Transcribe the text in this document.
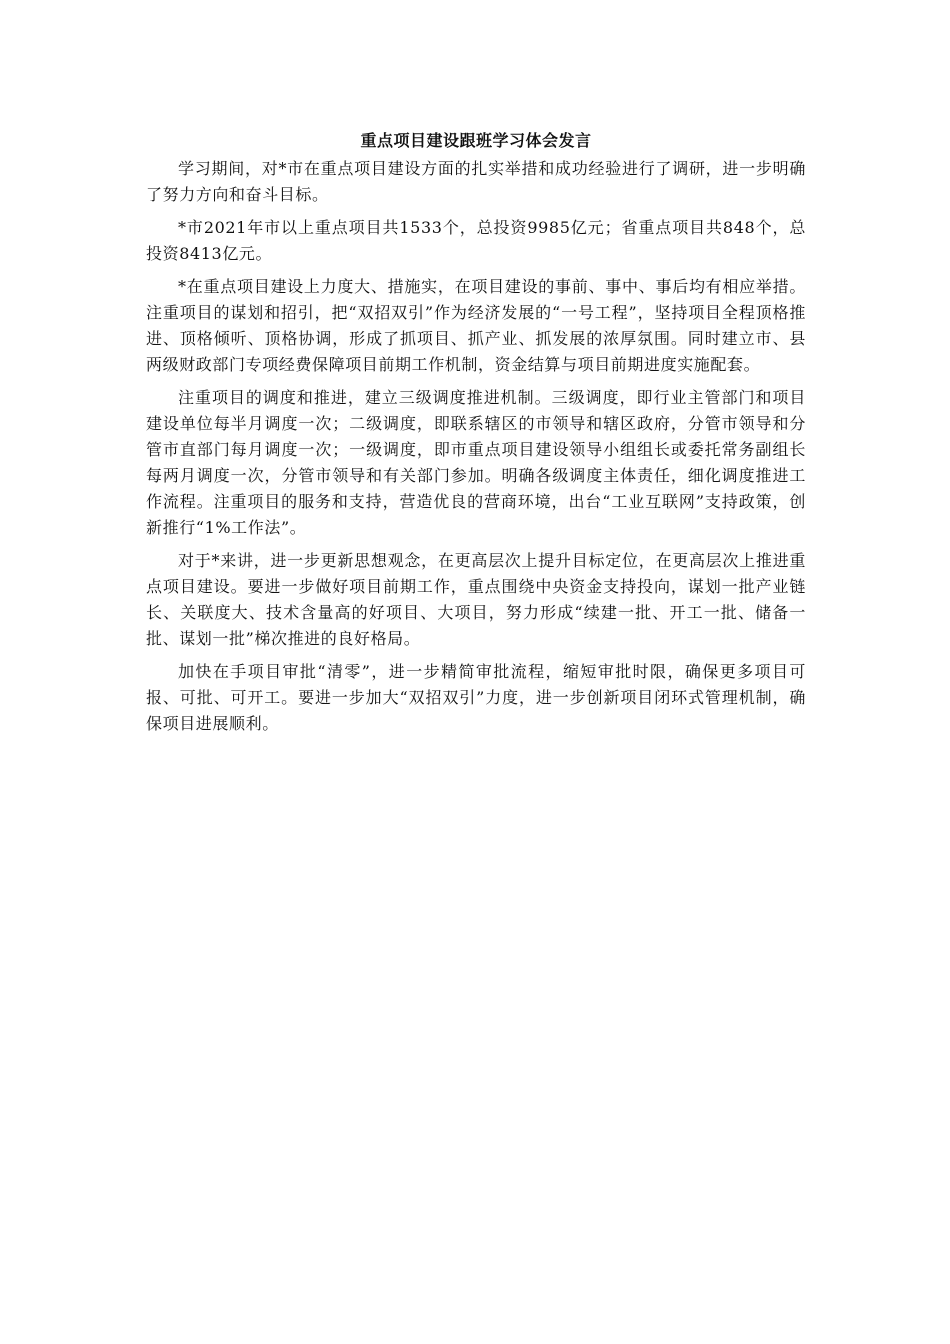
重点项目建设跟班学习体会发言

学习期间，对*市在重点项目建设方面的扎实举措和成功经验进行了调研，进一步明确了努力方向和奋斗目标。

*市2021年市以上重点项目共1533个，总投资9985亿元；省重点项目共848个，总投资8413亿元。

*在重点项目建设上力度大、措施实，在项目建设的事前、事中、事后均有相应举措。注重项目的谋划和招引，把“双招双引”作为经济发展的“一号工程”，坚持项目全程顶格推进、顶格倾听、顶格协调，形成了抓项目、抓产业、抓发展的浓厚氛围。同时建立市、县两级财政部门专项经费保障项目前期工作机制，资金结算与项目前期进度实施配套。

注重项目的调度和推进，建立三级调度推进机制。三级调度，即行业主管部门和项目建设单位每半月调度一次；二级调度，即联系辖区的市领导和辖区政府，分管市领导和分管市直部门每月调度一次；一级调度，即市重点项目建设领导小组组长或委托常务副组长每两月调度一次，分管市领导和有关部门参加。明确各级调度主体责任，细化调度推进工作流程。注重项目的服务和支持，营造优良的营商环境，出台“工业互联网”支持政策，创新推行“1%工作法”。

对于*来讲，进一步更新思想观念，在更高层次上提升目标定位，在更高层次上推进重点项目建设。要进一步做好项目前期工作，重点围绕中央资金支持投向，谋划一批产业链长、关联度大、技术含量高的好项目、大项目，努力形成“续建一批、开工一批、储备一批、谋划一批”梯次推进的良好格局。

加快在手项目审批“清零”，进一步精简审批流程，缩短审批时限，确保更多项目可报、可批、可开工。要进一步加大“双招双引”力度，进一步创新项目闭环式管理机制，确保项目进展顺利。
